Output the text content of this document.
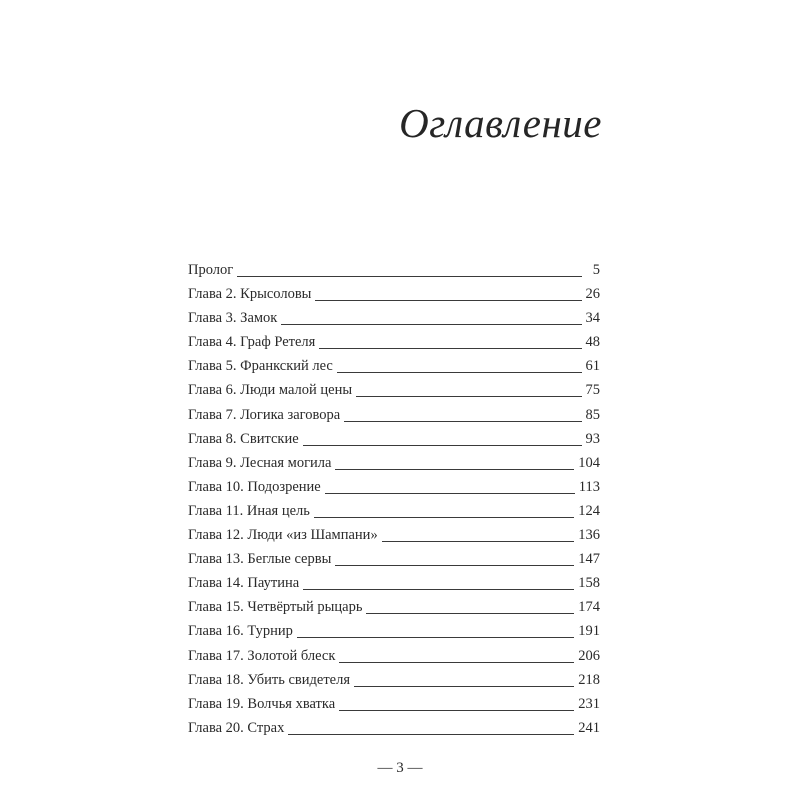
Оглавление
Пролог	5
Глава 2. Крысоловы	26
Глава 3. Замок	34
Глава 4. Граф Ретеля	48
Глава 5. Франкский лес	61
Глава 6. Люди малой цены	75
Глава 7. Логика заговора	85
Глава 8. Свитские	93
Глава 9. Лесная могила	104
Глава 10. Подозрение	113
Глава 11. Иная цель	124
Глава 12. Люди «из Шампани»	136
Глава 13. Беглые сервы	147
Глава 14. Паутина	158
Глава 15. Четвёртый рыцарь	174
Глава 16. Турнир	191
Глава 17. Золотой блеск	206
Глава 18. Убить свидетеля	218
Глава 19. Волчья хватка	231
Глава 20. Страх	241
— 3 —
